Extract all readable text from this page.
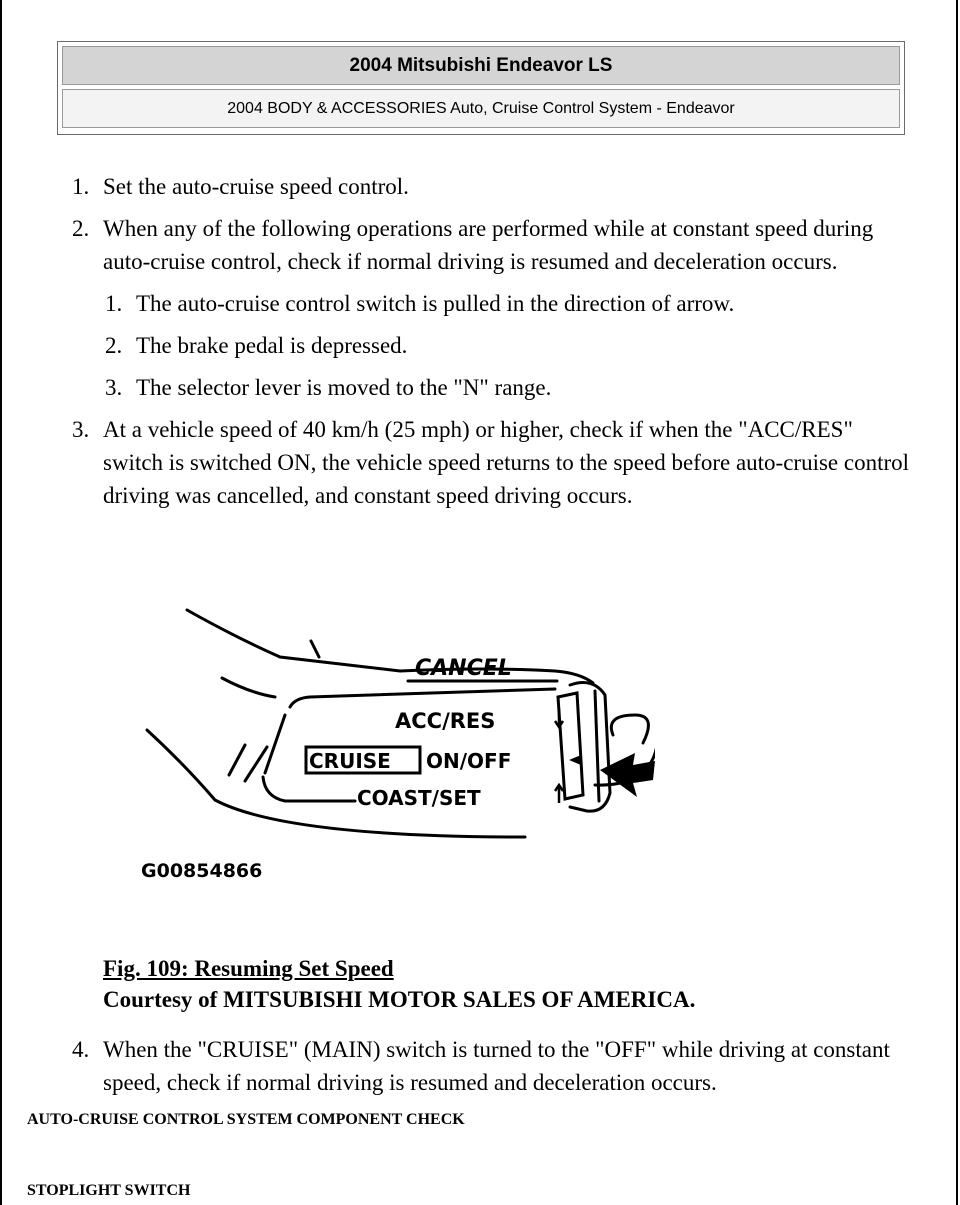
2004 Mitsubishi Endeavor LS
2004 BODY & ACCESSORIES Auto, Cruise Control System - Endeavor
1. Set the auto-cruise speed control.
2. When any of the following operations are performed while at constant speed during auto-cruise control, check if normal driving is resumed and deceleration occurs.
1. The auto-cruise control switch is pulled in the direction of arrow.
2. The brake pedal is depressed.
3. The selector lever is moved to the "N" range.
3. At a vehicle speed of 40 km/h (25 mph) or higher, check if when the "ACC/RES" switch is switched ON, the vehicle speed returns to the speed before auto-cruise control driving was cancelled, and constant speed driving occurs.
CANCEL
ACC/RES
CRUISE ON/OFF
COAST/SET
G00854866
Fig. 109: Resuming Set Speed
Courtesy of MITSUBISHI MOTOR SALES OF AMERICA.
4. When the "CRUISE" (MAIN) switch is turned to the "OFF" while driving at constant speed, check if normal driving is resumed and deceleration occurs.
AUTO-CRUISE CONTROL SYSTEM COMPONENT CHECK
STOPLIGHT SWITCH
